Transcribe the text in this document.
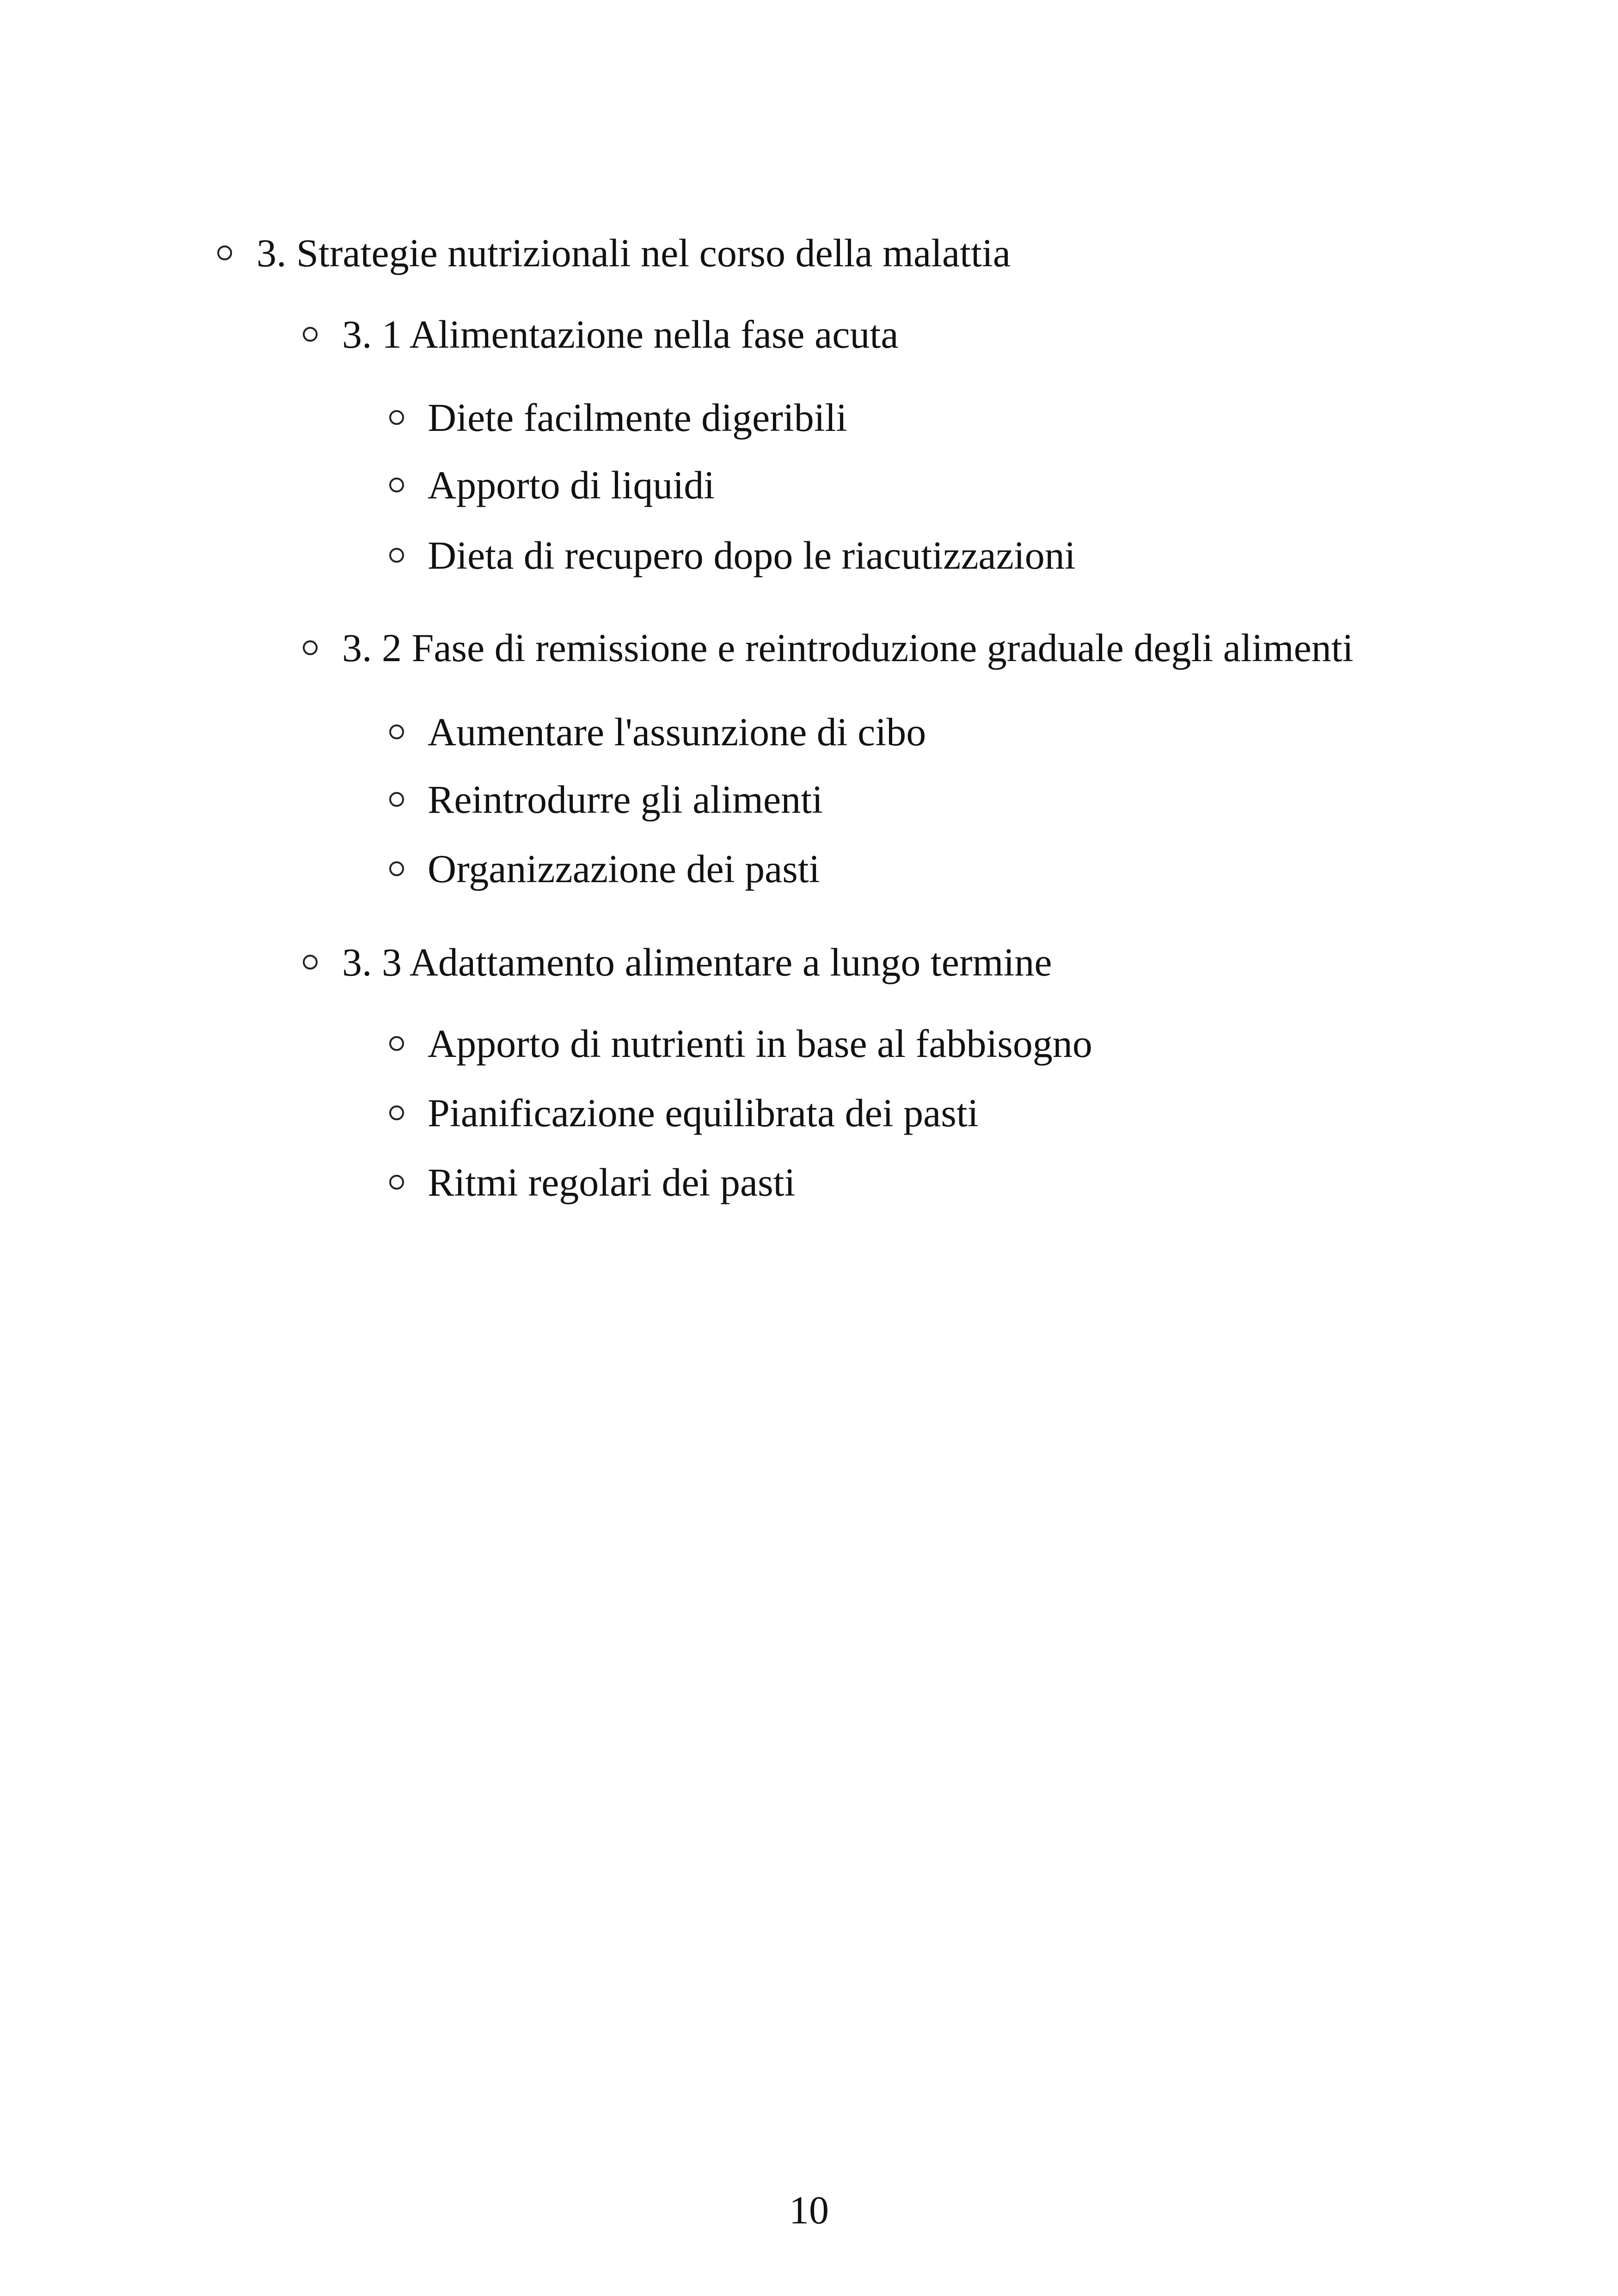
3. Strategie nutrizionali nel corso della malattia
3. 1 Alimentazione nella fase acuta
Diete facilmente digeribili
Apporto di liquidi
Dieta di recupero dopo le riacutizzazioni
3. 2 Fase di remissione e reintroduzione graduale degli alimenti
Aumentare l'assunzione di cibo
Reintrodurre gli alimenti
Organizzazione dei pasti
3. 3 Adattamento alimentare a lungo termine
Apporto di nutrienti in base al fabbisogno
Pianificazione equilibrata dei pasti
Ritmi regolari dei pasti
10
